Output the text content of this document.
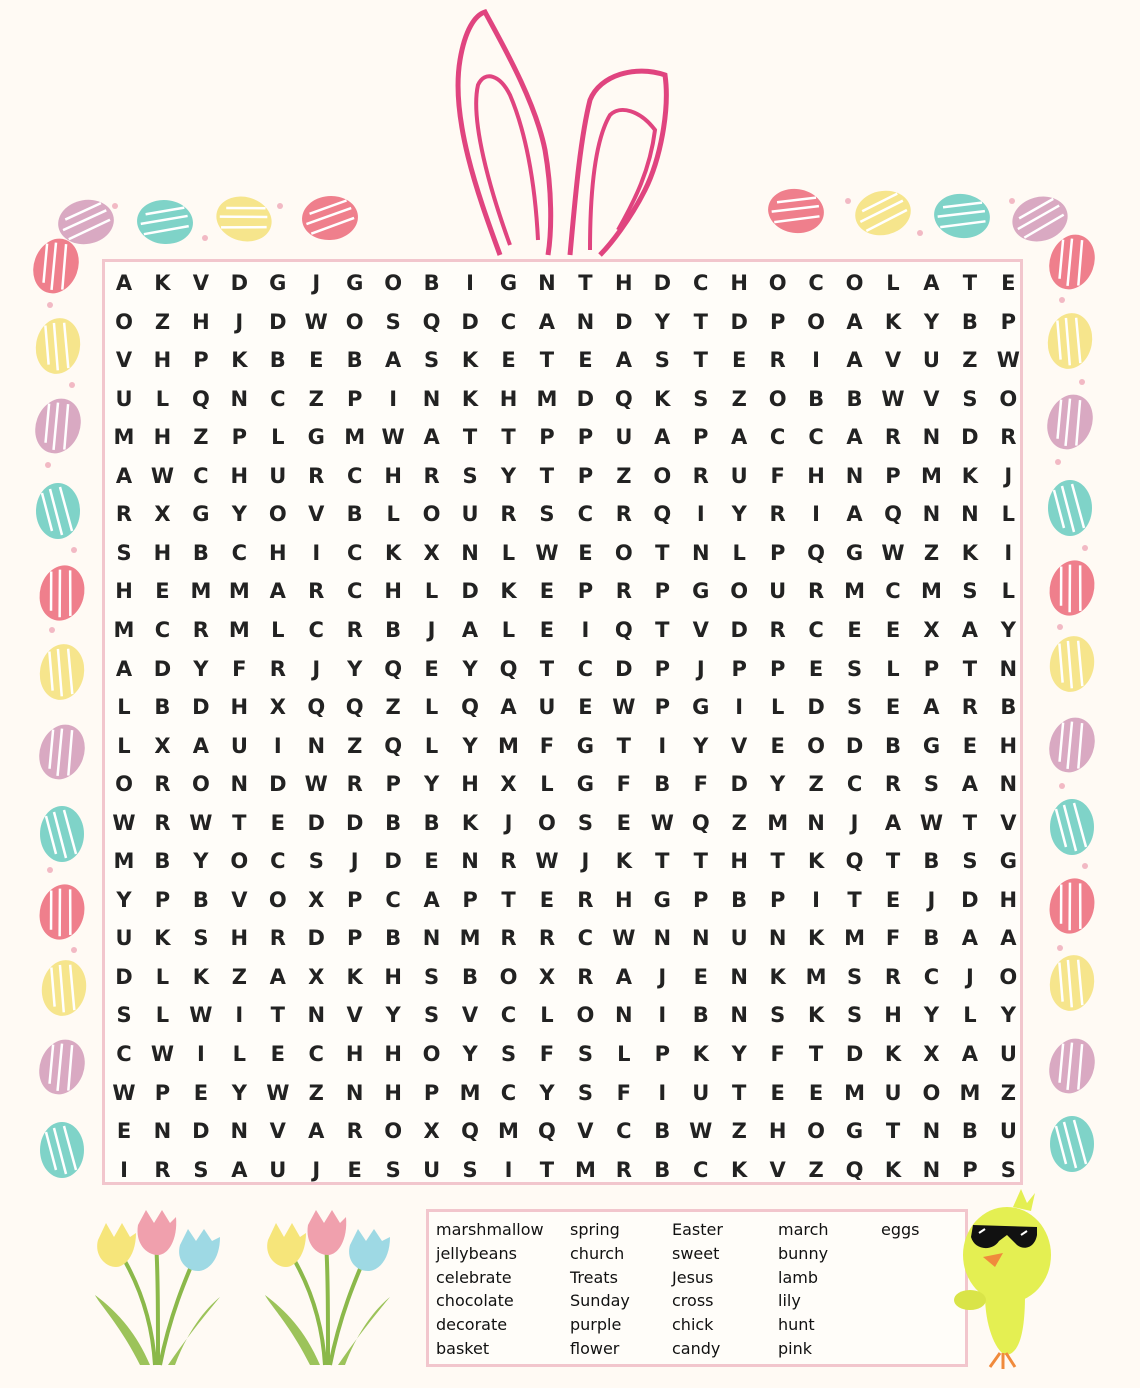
A	K	V	D	G	J	G O	B	I	G	N	T	H D	C	H O	C	O	L	A	T	E
O	Z	H	J	D W O	S	Q D	C	A	N D	Y	T	D	P	O	A	K	Y	B	P
V	H	P	K	B	E	B	A	S	K	E	T	E	A	S	T	E	R	I	A	V	U	Z W
U	L	Q N	C	Z	P	I	N	K	H M D Q	K	S	Z	O	B	B W V	S	O
M H	Z	P	L	G M W A	T	T	P	P	U	A	P	A	C	C	A	R	N D	R
A W C	H	U	R	C	H	R	S	Y	T	P	Z	O	R	U	F	H N	P M K	J
R	X	G	Y	O	V	B	L	O	U	R	S	C	R	Q	I	Y	R	I	A	Q N N	L
S	H	B	C	H	I	C	K	X	N	L W E	O	T	N	L	P	Q G W Z	K	I
H	E M M A	R	C	H	L	D	K	E	P	R	P	G O	U	R M C M S	L
M C	R M	L	C	R	B	J	A	L	E	I	Q	T	V	D	R	C	E	E	X	A	Y
A	D	Y	F	R	J	Y	Q	E	Y	Q	T	C	D	P	J	P	P	E	S	L	P	T	N
L	B	D H	X	Q Q	Z	L	Q	A	U	E W P	G	I	L	D	S	E	A	R	B
L	X	A	U	I	N	Z	Q	L	Y M F	G	T	I	Y	V	E	O D	B	G	E	H
O	R	O N D W R	P	Y	H	X	L	G	F	B	F	D	Y	Z	C	R	S	A	N
W R W T	E	D	D	B	B	K	J	O	S	E W Q	Z M N	J	A W T	V
M B	Y	O	C	S	J	D	E	N	R W	J	K	T	T	H	T	K	Q	T	B	S	G
Y	P	B	V	O	X	P	C	A	P	T	E	R	H	G	P	B	P	I	T	E	J	D H
U	K	S	H	R	D	P	B	N M R	R	C W N N	U	N	K M F	B	A	A
D	L	K	Z	A	X	K	H	S	B	O	X	R	A	J	E	N	K M S	R	C	J	O
S	L W	I	T	N	V	Y	S	V	C	L	O N	I	B	N	S	K	S	H	Y	L	Y
C W	I	L	E	C	H H O	Y	S	F	S	L	P	K	Y	F	T	D	K	X	A	U
W P	E	Y W Z	N H	P M C	Y	S	F	I	U	T	E	E M U O M Z
E	N D N	V	A	R	O	X	Q M Q	V	C	B W Z	H O G	T	N	B	U
I	R	S	A	U	J	E	S	U	S	I	T M R	B	C	K	V	Z	Q	K	N	P	S
marshmallow
jellybeans
celebrate
chocolate
decorate
basket
spring
church
Treats
Sunday
purple
flower
Easter
sweet
Jesus
cross
chick
candy
march
bunny
lamb
lily
hunt
pink
eggs
